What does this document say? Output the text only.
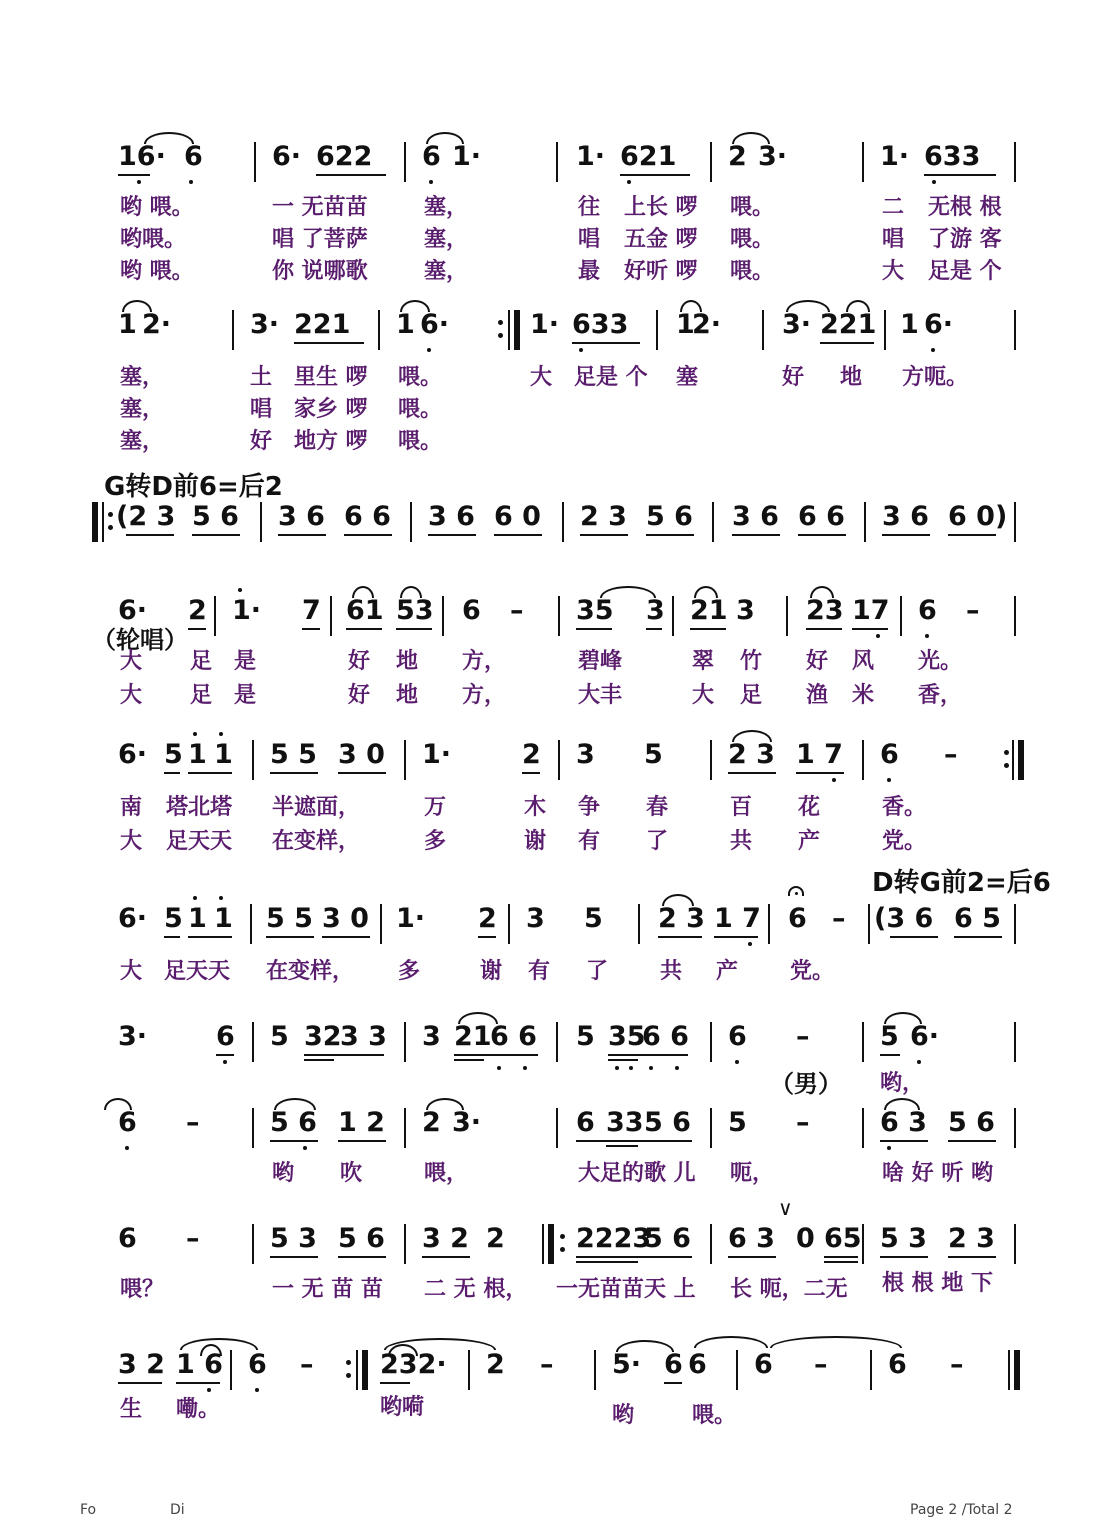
16· 6	6· 622 6 1·	1· 621 2 3·	1· 633
哟 喂。	一 无苗苗	塞，	往 上长 啰 喂。	二 无根 根
哟喂。	唱 了菩萨	塞，	唱 五金 啰 喂。	唱 了游 客
哟 喂。	你 说哪歌	塞，	最 好听 啰 喂。	大 足是 个
1 2·	3· 221 1 6·	1· 633 1
2· 3· 221 1 6·
塞，	土 里生 啰 喂。	大 足是 个 塞	好 地 方呃。
塞，	唱 家乡 啰 喂。
塞，	好 地方 啰 喂。
G转D前6=后2
(2 3 5 6 3 6 6 6 3 6 6 0 2 3 5 6 3 6 6 6 3 6 6 0)
6· 2 1· 7 61 53 6 – 35 3 21 3 23 17 6 –
（轮唱）
大 足 是	好 地 方，	碧峰	翠 竹 好 风 光。
大 足 是	好 地 方，	大丰	大 足 渔 米 香，
6· 5 1 1 5 5 3 0 1·	2 3 5 2 3 1 7 6 –
南 塔北塔 半遮面，	万	木 争 春	百 花	香。
大 足天天 在变样，	多	谢 有 了	共 产	党。
D转G前2=后6
6· 5 1 1 5 5 3 0 1· 2 3 5 2 3 1 7 6 – (3 6 6 5
大 足天天 在变样， 多	谢 有 了 共 产 党。
3·	6 5 32
3 3 3 21
6 6 5 35
6 6 6 –	5 6·
（男） 哟，
6 –	5 6 1 2 2 3·	6 33 5 6 5 –	6 3 5 6
哟 吹	喂，	大足的歌 儿 呃，	啥 好 听 哟
6 –	5 3 5 6 3 2 2	2223
5 6 6 3 0 65
∨
5 3 2 3
喂？	一 无 苗 苗 二 无 根， 一无苗苗天 上 长 呃，二无 根 根 地 下
3 2 1 6 6 – 232· 2 – 5· 6 6 6 – 6 –
生 嘞。	哟嗬	哟	喂。
Fo	Di	Page 2 /Total 2
